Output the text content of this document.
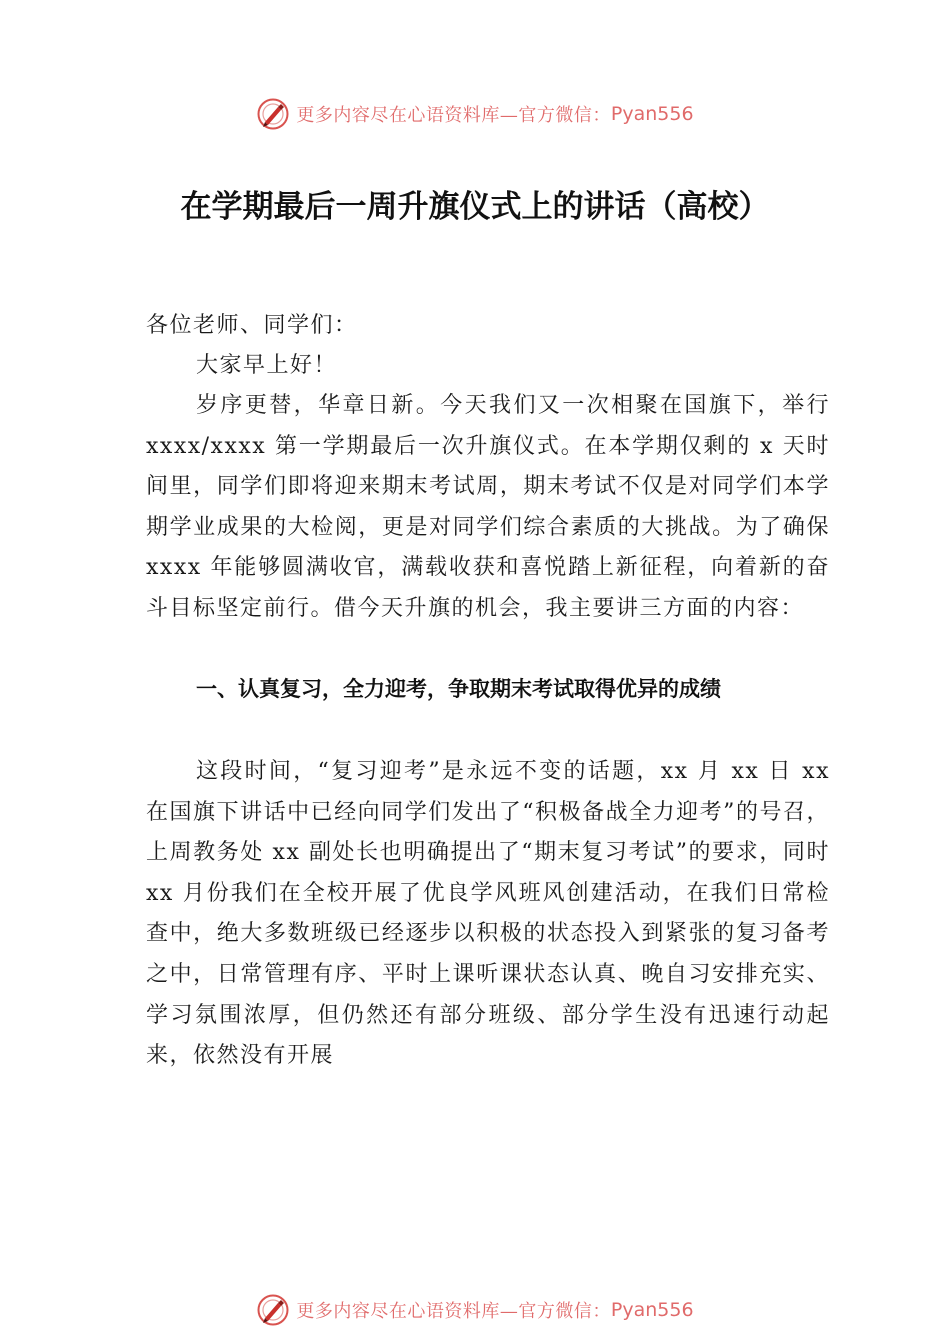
更多内容尽在心语资料库—官方微信： Pyan556
在学期最后一周升旗仪式上的讲话（高校）
各位老师、同学们：
大家早上好！
岁序更替，华章日新。今天我们又一次相聚在国旗下，举行 xxxx/xxxx 第一学期最后一次升旗仪式。在本学期仅剩的 x 天时间里，同学们即将迎来期末考试周，期末考试不仅是对同学们本学期学业成果的大检阅，更是对同学们综合素质的大挑战。为了确保 xxxx 年能够圆满收官，满载收获和喜悦踏上新征程，向着新的奋斗目标坚定前行。借今天升旗的机会，我主要讲三方面的内容：
一、认真复习，全力迎考，争取期末考试取得优异的成绩
这段时间，“复习迎考”是永远不变的话题，xx 月 xx 日 xx 在国旗下讲话中已经向同学们发出了“积极备战全力迎考”的号召，上周教务处 xx 副处长也明确提出了“期末复习考试”的要求，同时 xx 月份我们在全校开展了优良学风班风创建活动，在我们日常检查中，绝大多数班级已经逐步以积极的状态投入到紧张的复习备考之中，日常管理有序、平时上课听课状态认真、晚自习安排充实、学习氛围浓厚，但仍然还有部分班级、部分学生没有迅速行动起来，依然没有开展
更多内容尽在心语资料库—官方微信： Pyan556
